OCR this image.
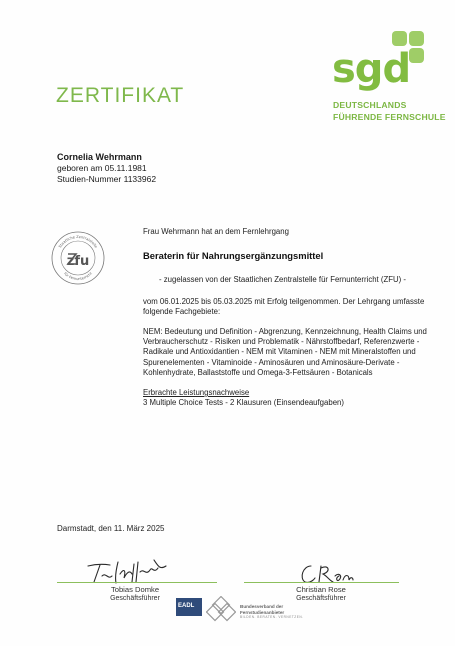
ZERTIFIKAT
sgd
DEUTSCHLANDS
FÜHRENDE FERNSCHULE
Cornelia Wehrmann
geboren am 05.11.1981
Studien-Nummer 1133962
zfu
Staatliche Zentralstelle
für Fernunterricht

Frau Wehrmann hat an dem Fernlehrgang

Beraterin für Nahrungsergänzungsmittel

- zugelassen von der Staatlichen Zentralstelle für Fernunterricht (ZFU) -

vom 06.01.2025 bis 05.03.2025 mit Erfolg teilgenommen. Der Lehrgang umfasste folgende Fachgebiete:

NEM: Bedeutung und Definition - Abgrenzung, Kennzeichnung, Health Claims und Verbraucherschutz - Risiken und Problematik - Nährstoffbedarf, Referenzwerte - Radikale und Antioxidantien - NEM mit Vitaminen - NEM mit Mineralstoffen und Spurenelementen - Vitaminoide - Aminosäuren und Aminosäure-Derivate - Kohlenhydrate, Ballaststoffe und Omega-3-Fettsäuren - Botanicals

Erbrachte Leistungsnachweise

3 Multiple Choice Tests - 2 Klausuren (Einsendeaufgaben)

Darmstadt, den 11. März 2025
Tobias Domke
Geschäftsführer
Christian Rose
Geschäftsführer
EADL	Bundesverband der
Fernstudienanbieter
BILDEN. BERATEN. VERNETZEN.
